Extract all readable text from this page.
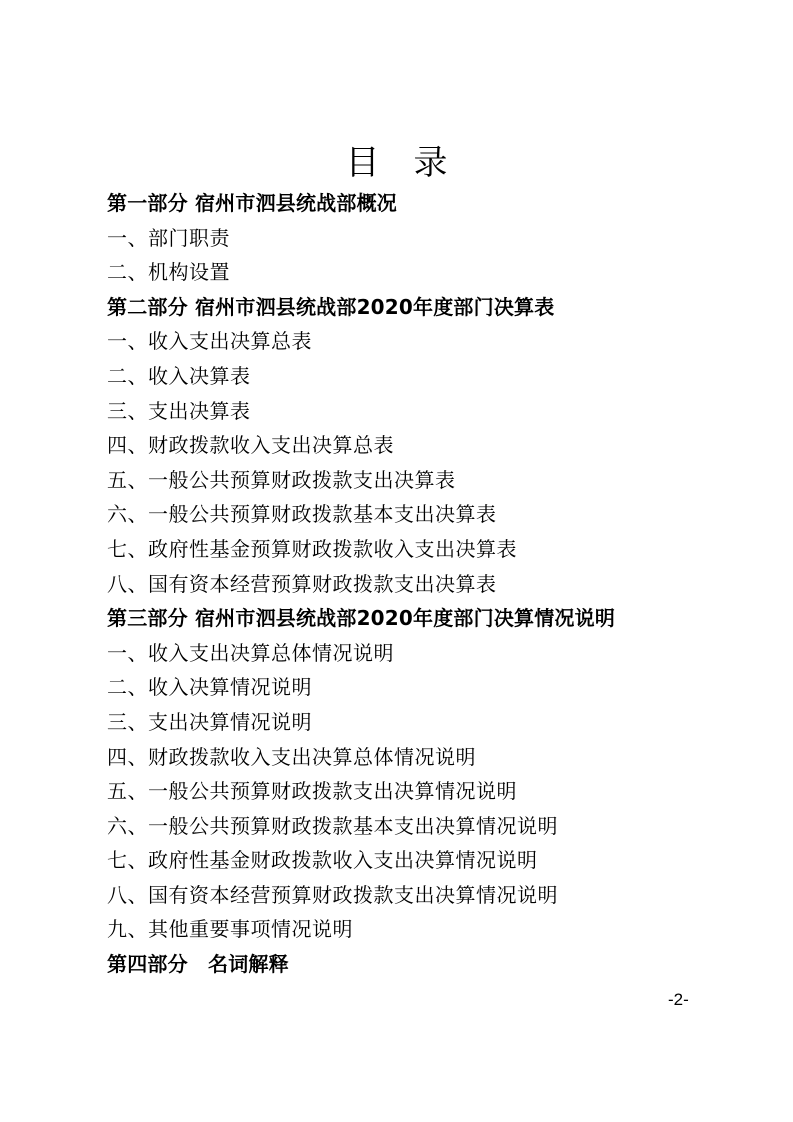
目　录
第一部分 宿州市泗县统战部概况
一、部门职责
二、机构设置
第二部分 宿州市泗县统战部2020年度部门决算表
一、收入支出决算总表
二、收入决算表
三、支出决算表
四、财政拨款收入支出决算总表
五、一般公共预算财政拨款支出决算表
六、一般公共预算财政拨款基本支出决算表
七、政府性基金预算财政拨款收入支出决算表
八、国有资本经营预算财政拨款支出决算表
第三部分 宿州市泗县统战部2020年度部门决算情况说明
一、收入支出决算总体情况说明
二、收入决算情况说明
三、支出决算情况说明
四、财政拨款收入支出决算总体情况说明
五、一般公共预算财政拨款支出决算情况说明
六、一般公共预算财政拨款基本支出决算情况说明
七、政府性基金财政拨款收入支出决算情况说明
八、国有资本经营预算财政拨款支出决算情况说明
九、其他重要事项情况说明
第四部分　名词解释
-2-
